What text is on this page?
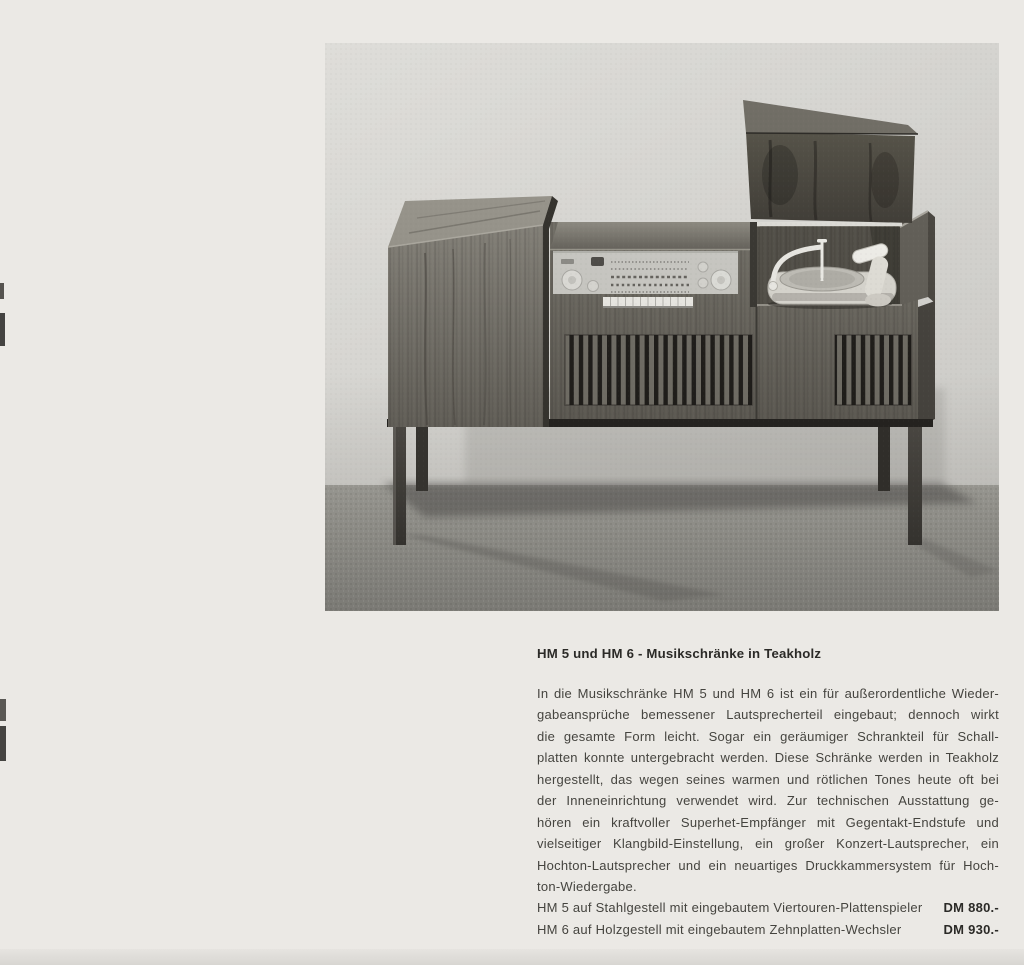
HM 5 und HM 6 - Musikschränke in Teakholz
In die Musikschränke HM 5 und HM 6 ist ein für außerordentliche Wieder-
gabeansprüche bemessener Lautsprecherteil eingebaut; dennoch wirkt
die gesamte Form leicht. Sogar ein geräumiger Schrankteil für Schall-
platten konnte untergebracht werden. Diese Schränke werden in Teakholz
hergestellt, das wegen seines warmen und rötlichen Tones heute oft bei
der Inneneinrichtung verwendet wird. Zur technischen Ausstattung ge-
hören ein kraftvoller Superhet-Empfänger mit Gegentakt-Endstufe und
vielseitiger Klangbild-Einstellung, ein großer Konzert-Lautsprecher, ein
Hochton-Lautsprecher und ein neuartiges Druckkammersystem für Hoch-
ton-Wiedergabe.
HM 5 auf Stahlgestell mit eingebautem Viertouren-Plattenspieler DM 880.-
HM 6 auf Holzgestell mit eingebautem Zehnplatten-Wechsler	DM 930.-
